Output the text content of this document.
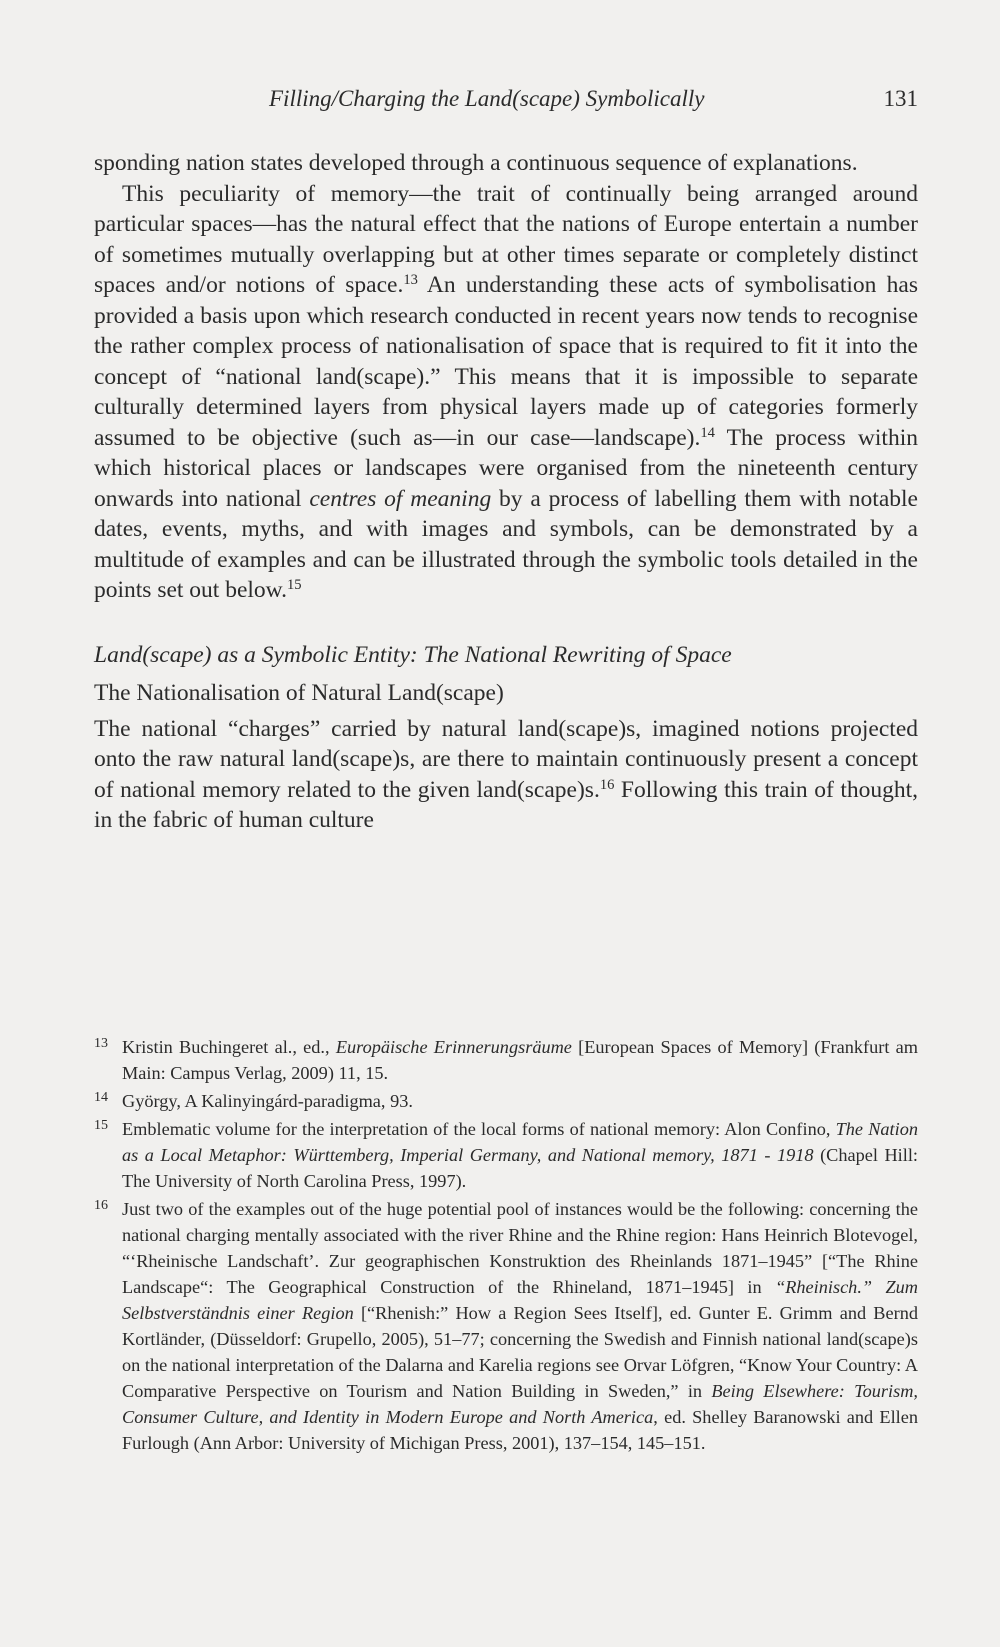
Filling/Charging the Land(scape) Symbolically	131

sponding nation states developed through a continuous sequence of explanations.

This peculiarity of memory—the trait of continually being arranged around particular spaces—has the natural effect that the nations of Europe entertain a number of sometimes mutually overlapping but at other times separate or completely distinct spaces and/or notions of space.$^{13}$ An understanding these acts of symbolisation has provided a basis upon which research conducted in recent years now tends to recognise the rather complex process of nationalisation of space that is required to fit it into the concept of “national land(scape).” This means that it is impossible to separate culturally determined layers from physical layers made up of categories formerly assumed to be objective (such as—in our case—landscape).$^{14}$ The process within which historical places or landscapes were organised from the nineteenth century onwards into national centres of meaning by a process of labelling them with notable dates, events, myths, and with images and symbols, can be demonstrated by a multitude of examples and can be illustrated through the symbolic tools detailed in the points set out below.$^{15}$

Land(scape) as a Symbolic Entity: The National Rewriting of Space
The Nationalisation of Natural Land(scape)

The national “charges” carried by natural land(scape)s, imagined notions projected onto the raw natural land(scape)s, are there to maintain continuously present a concept of national memory related to the given land(scape)s.$^{16}$ Following this train of thought, in the fabric of human culture

13 Kristin Buchingeret al., ed., Europäische Erinnerungsräume [European Spaces of Memory] (Frankfurt am Main: Campus Verlag, 2009) 11, 15.
14 György, A Kalinyingárd-paradigma, 93.
15 Emblematic volume for the interpretation of the local forms of national memory: Alon Confino, The Nation as a Local Metaphor: Württemberg, Imperial Germany, and National memory, 1871 - 1918 (Chapel Hill: The University of North Carolina Press, 1997).
16 Just two of the examples out of the huge potential pool of instances would be the following: concerning the national charging mentally associated with the river Rhine and the Rhine region: Hans Heinrich Blotevogel, “‘Rheinische Landschaft’. Zur geographischen Konstruktion des Rheinlands 1871–1945” [“The Rhine Landscape“: The Geographical Construction of the Rhineland, 1871–1945] in “Rheinisch.” Zum Selbstverständnis einer Region [“Rhenish:” How a Region Sees Itself], ed. Gunter E. Grimm and Bernd Kortländer, (Düsseldorf: Grupello, 2005), 51–77; concerning the Swedish and Finnish national land(scape)s on the national interpretation of the Dalarna and Karelia regions see Orvar Löfgren, “Know Your Country: A Comparative Perspective on Tourism and Nation Building in Sweden,” in Being Elsewhere: Tourism, Consumer Culture, and Identity in Modern Europe and North America, ed. Shelley Baranowski and Ellen Furlough (Ann Arbor: University of Michigan Press, 2001), 137–154, 145–151.
